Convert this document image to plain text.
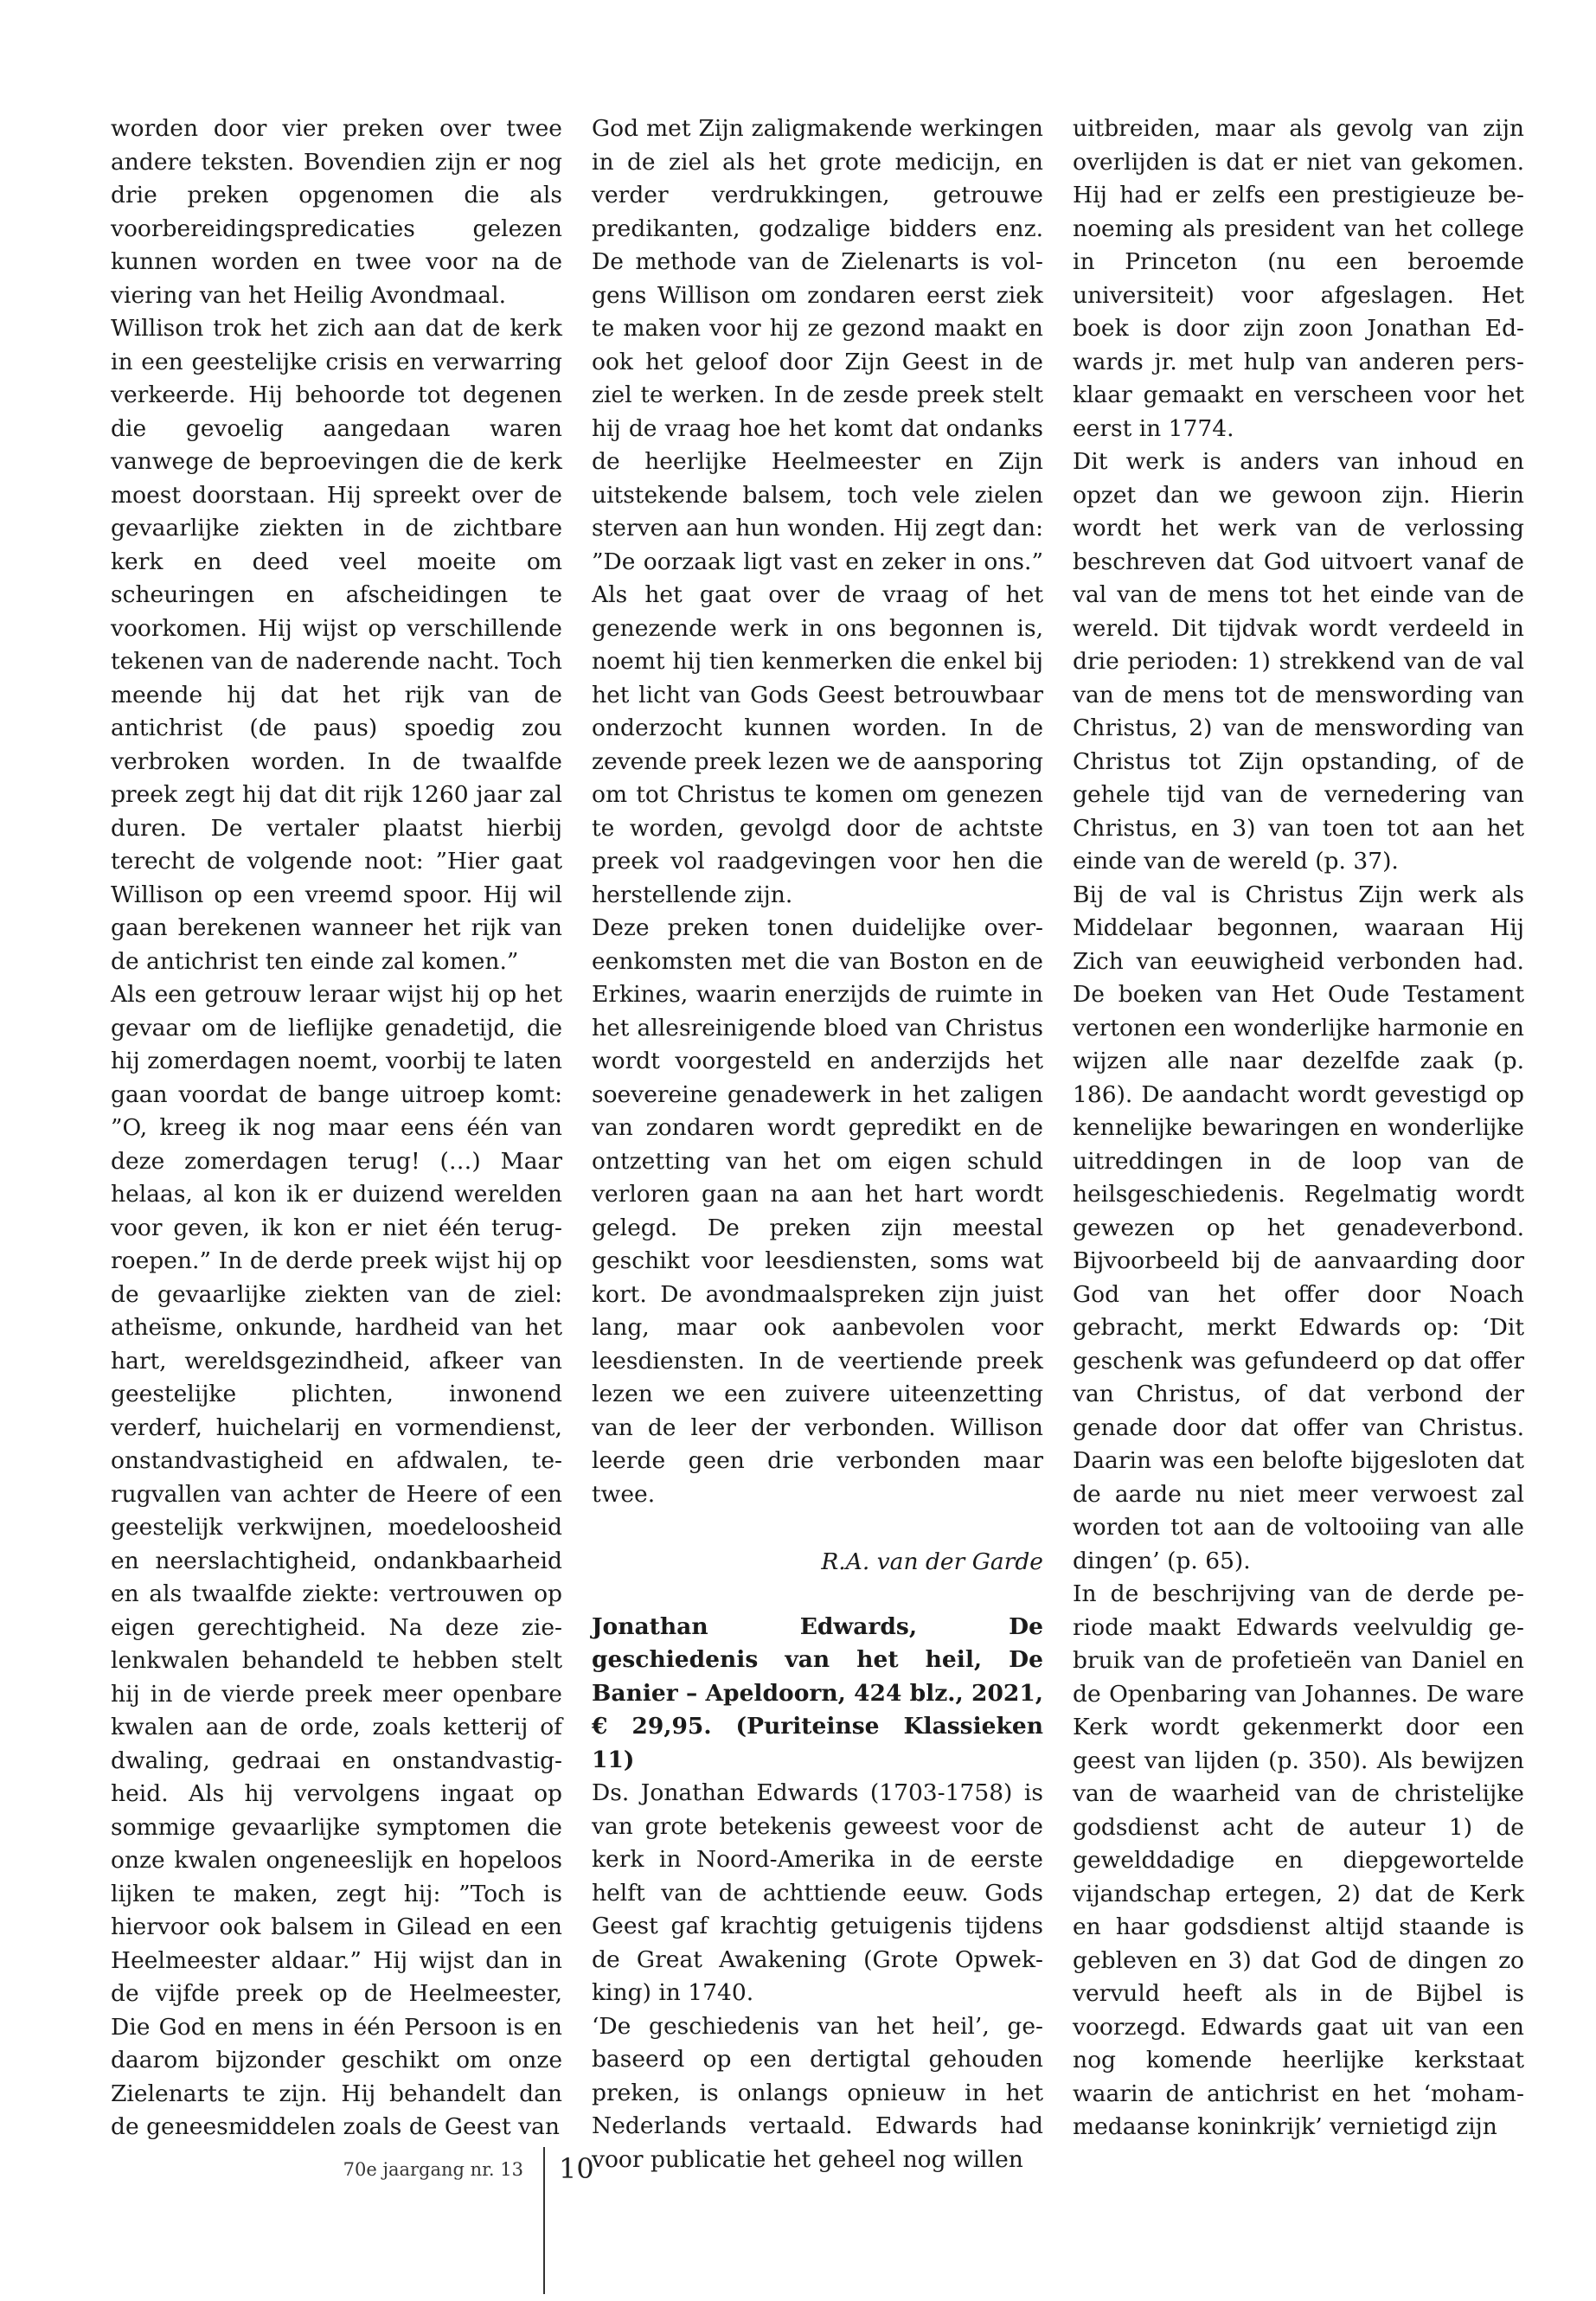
worden door vier preken over twee andere teksten. Bovendien zijn er nog drie preken opgenomen die als voorbereidingspredicaties gelezen kunnen worden en twee voor na de viering van het Heilig Avondmaal.

Willison trok het zich aan dat de kerk in een geestelijke crisis en verwarring verkeerde. Hij behoorde tot degenen die gevoelig aangedaan waren vanwege de beproevingen die de kerk moest doorstaan. Hij spreekt over de gevaarlijke ziekten in de zichtbare kerk en deed veel moeite om scheuringen en afscheidingen te voorkomen. Hij wijst op verschillende tekenen van de naderende nacht. Toch meende hij dat het rijk van de antichrist (de paus) spoedig zou verbroken worden. In de twaalfde preek zegt hij dat dit rijk 1260 jaar zal duren. De vertaler plaatst hierbij terecht de volgende noot: ”Hier gaat Willison op een vreemd spoor. Hij wil gaan berekenen wanneer het rijk van de antichrist ten einde zal komen.”

Als een getrouw leraar wijst hij op het gevaar om de lieflijke genadetijd, die hij zomerdagen noemt, voorbij te laten gaan voordat de bange uitroep komt: ”O, kreeg ik nog maar eens één van deze zomerdagen terug! (…) Maar helaas, al kon ik er duizend werelden voor geven, ik kon er niet één terugroepen.” In de derde preek wijst hij op de gevaarlijke ziekten van de ziel: atheïsme, onkunde, hardheid van het hart, wereldsgezindheid, afkeer van geestelijke plichten, inwonend verderf, huichelarij en vormendienst, onstandvastigheid en afdwalen, terugvallen van achter de Heere of een geestelijk verkwijnen, moedeloosheid en neerslachtigheid, ondankbaarheid en als twaalfde ziekte: vertrouwen op eigen gerechtigheid. Na deze zielenkwalen behandeld te hebben stelt hij in de vierde preek meer openbare kwalen aan de orde, zoals ketterij of dwaling, gedraai en onstandvastigheid. Als hij vervolgens ingaat op sommige gevaarlijke symptomen die onze kwalen ongeneeslijk en hopeloos lijken te maken, zegt hij: ”Toch is hiervoor ook balsem in Gilead en een Heelmeester aldaar.” Hij wijst dan in de vijfde preek op de Heelmeester, Die God en mens in één Persoon is en daarom bijzonder geschikt om onze Zielenarts te zijn. Hij behandelt dan de geneesmiddelen zoals de Geest van

God met Zijn zaligmakende werkingen in de ziel als het grote medicijn, en verder verdrukkingen, getrouwe predikanten, godzalige bidders enz. De methode van de Zielenarts is volgens Willison om zondaren eerst ziek te maken voor hij ze gezond maakt en ook het geloof door Zijn Geest in de ziel te werken. In de zesde preek stelt hij de vraag hoe het komt dat ondanks de heerlijke Heelmeester en Zijn uitstekende balsem, toch vele zielen sterven aan hun wonden. Hij zegt dan: ”De oorzaak ligt vast en zeker in ons.” Als het gaat over de vraag of het genezende werk in ons begonnen is, noemt hij tien kenmerken die enkel bij het licht van Gods Geest betrouwbaar onderzocht kunnen worden. In de zevende preek lezen we de aansporing om tot Christus te komen om genezen te worden, gevolgd door de achtste preek vol raadgevingen voor hen die herstellende zijn.

Deze preken tonen duidelijke overeenkomsten met die van Boston en de Erkines, waarin enerzijds de ruimte in het allesreinigende bloed van Christus wordt voorgesteld en anderzijds het soevereine genadewerk in het zaligen van zondaren wordt gepredikt en de ontzetting van het om eigen schuld verloren gaan na aan het hart wordt gelegd. De preken zijn meestal geschikt voor leesdiensten, soms wat kort. De avondmaalspreken zijn juist lang, maar ook aanbevolen voor leesdiensten. In de veertiende preek lezen we een zuivere uiteenzetting van de leer der verbonden. Willison leerde geen drie verbonden maar twee.

R.A. van der Garde

Jonathan Edwards, De geschiedenis van het heil, De Banier – Apeldoorn, 424 blz., 2021, € 29,95. (Puriteinse Klassieken 11)

Ds. Jonathan Edwards (1703-1758) is van grote betekenis geweest voor de kerk in Noord-Amerika in de eerste helft van de achttiende eeuw. Gods Geest gaf krachtig getuigenis tijdens de Great Awakening (Grote Opwekking) in 1740.

‘De geschiedenis van het heil’, gebaseerd op een dertigtal gehouden preken, is onlangs opnieuw in het Nederlands vertaald. Edwards had voor publicatie het geheel nog willen

uitbreiden, maar als gevolg van zijn overlijden is dat er niet van gekomen. Hij had er zelfs een prestigieuze benoeming als president van het college in Princeton (nu een beroemde universiteit) voor afgeslagen. Het boek is door zijn zoon Jonathan Edwards jr. met hulp van anderen persklaar gemaakt en verscheen voor het eerst in 1774.

Dit werk is anders van inhoud en opzet dan we gewoon zijn. Hierin wordt het werk van de verlossing beschreven dat God uitvoert vanaf de val van de mens tot het einde van de wereld. Dit tijdvak wordt verdeeld in drie perioden: 1) strekkend van de val van de mens tot de menswording van Christus, 2) van de menswording van Christus tot Zijn opstanding, of de gehele tijd van de vernedering van Christus, en 3) van toen tot aan het einde van de wereld (p. 37).

Bij de val is Christus Zijn werk als Middelaar begonnen, waaraan Hij Zich van eeuwigheid verbonden had. De boeken van Het Oude Testament vertonen een wonderlijke harmonie en wijzen alle naar dezelfde zaak (p. 186). De aandacht wordt gevestigd op kennelijke bewaringen en wonderlijke uitreddingen in de loop van de heilsgeschiedenis. Regelmatig wordt gewezen op het genadeverbond. Bijvoorbeeld bij de aanvaarding door God van het offer door Noach gebracht, merkt Edwards op: ‘Dit geschenk was gefundeerd op dat offer van Christus, of dat verbond der genade door dat offer van Christus. Daarin was een belofte bijgesloten dat de aarde nu niet meer verwoest zal worden tot aan de voltooiing van alle dingen’ (p. 65).

In de beschrijving van de derde periode maakt Edwards veelvuldig gebruik van de profetieën van Daniel en de Openbaring van Johannes. De ware Kerk wordt gekenmerkt door een geest van lijden (p. 350). Als bewijzen van de waarheid van de christelijke godsdienst acht de auteur 1) de gewelddadige en diepgewortelde vijandschap ertegen, 2) dat de Kerk en haar godsdienst altijd staande is gebleven en 3) dat God de dingen zo vervuld heeft als in de Bijbel is voorzegd. Edwards gaat uit van een nog komende heerlijke kerkstaat waarin de antichrist en het ‘mohammedaanse koninkrijk’ vernietigd zijn

70e jaargang nr. 13 10
